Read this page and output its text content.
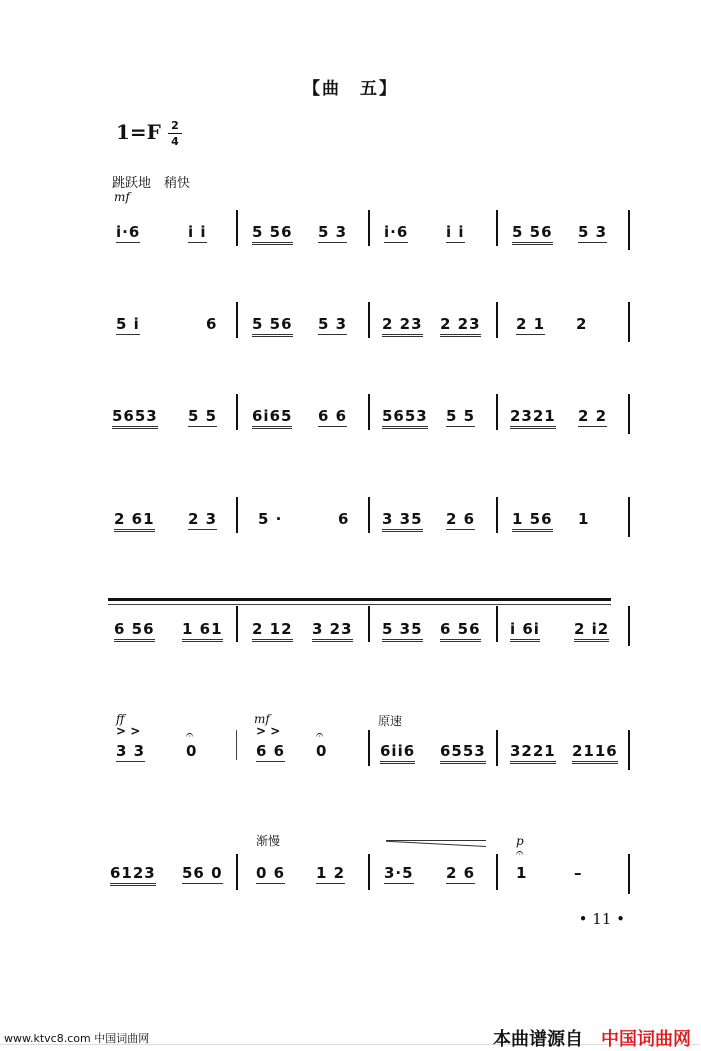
【曲　五】
1=F 2
4
跳跃地　稍快
mf
i·6	i i	5 56 5 3 i·6	i i	5 56 5 3
5 i	6 5 56 5 3 2 23 2 23 2 1 2
5653 5 5 6i65 6 6 5653 5 5 2321 2 2
2 61 2 3	5 ·	6 3 35 2 6 1 56 1
6 56 1 61 2 12 3 23 5 35 6 56 i 6i 2 i2
ff
> >
mf
> >
原速
𝄐	𝄐
3 3	0	6 6 0	6ii6 6553 3221 2116
渐慢	p
𝄐
6123 56 0 0 6 1 2	3·5 2 6	1	–
• 11 •
www.ktvc8.com 中国词曲网	本曲谱源自 中国词曲网
